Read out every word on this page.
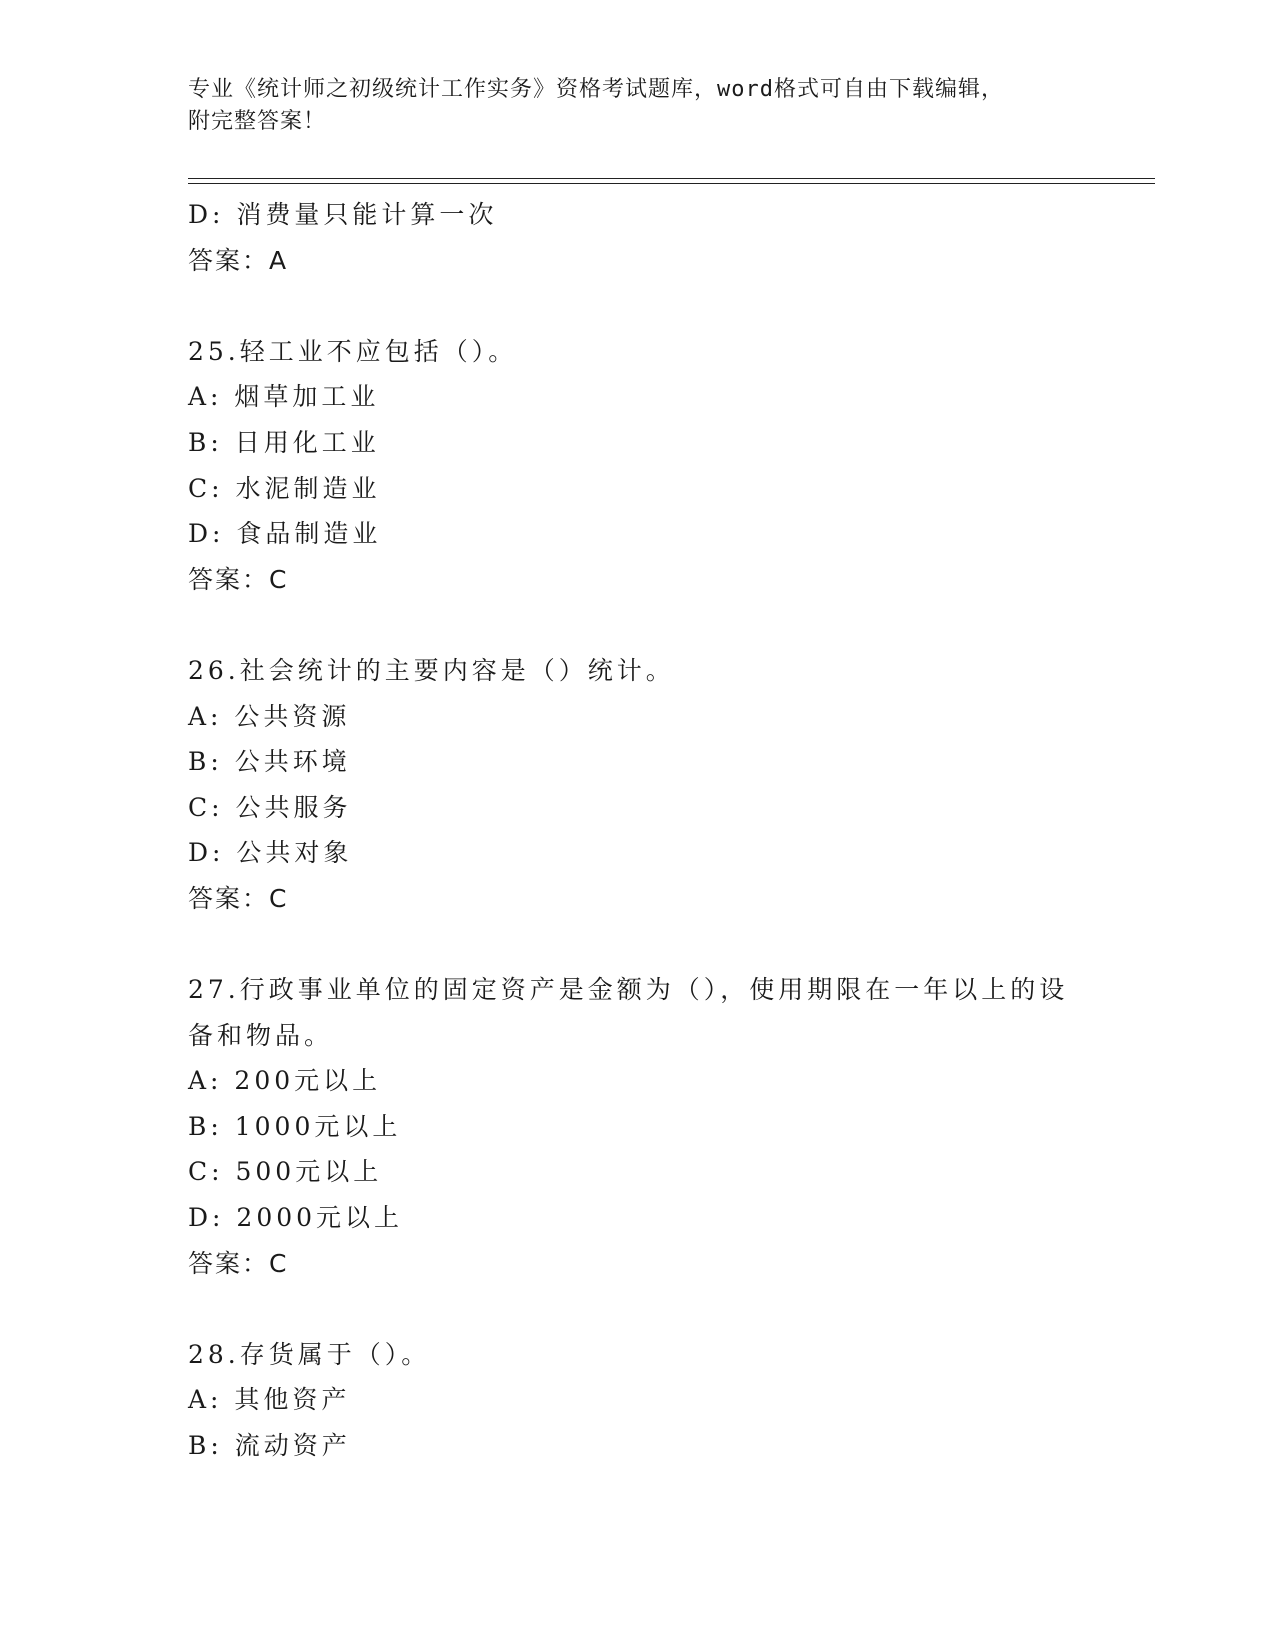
专业《统计师之初级统计工作实务》资格考试题库，word格式可自由下载编辑，
附完整答案！
D: 消费量只能计算一次
答案：A
25.轻工业不应包括（）。
A: 烟草加工业
B: 日用化工业
C: 水泥制造业
D: 食品制造业
答案：C
26.社会统计的主要内容是（）统计。
A: 公共资源
B: 公共环境
C: 公共服务
D: 公共对象
答案：C
27.行政事业单位的固定资产是金额为（），使用期限在一年以上的设
备和物品。
A: 200元以上
B: 1000元以上
C: 500元以上
D: 2000元以上
答案：C
28.存货属于（）。
A: 其他资产
B: 流动资产
